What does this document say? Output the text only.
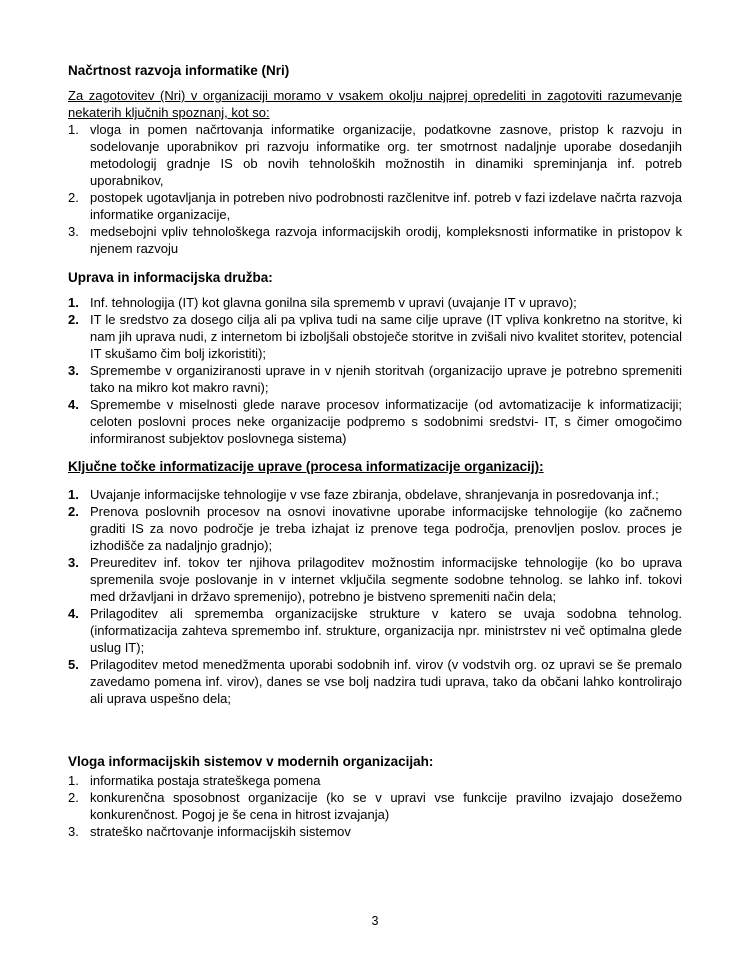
Načrtnost razvoja informatike (Nri)
Za zagotovitev (Nri) v organizaciji moramo v vsakem okolju najprej opredeliti in zagotoviti razumevanje nekaterih ključnih spoznanj, kot so:
1. vloga in pomen načrtovanja informatike organizacije, podatkovne zasnove, pristop k razvoju in sodelovanje uporabnikov pri razvoju informatike org. ter smotrnost nadaljnje uporabe dosedanjih metodologij gradnje IS ob novih tehnoloških možnostih in dinamiki spreminjanja inf. potreb uporabnikov,
2. postopek ugotavljanja in potreben nivo podrobnosti razčlenitve inf. potreb v fazi izdelave načrta razvoja informatike organizacije,
3. medsebojni vpliv tehnološkega razvoja informacijskih orodij, kompleksnosti informatike in pristopov k njenem razvoju
Uprava in informacijska družba:
1. Inf. tehnologija (IT) kot glavna gonilna sila sprememb v upravi (uvajanje IT v upravo);
2. IT le sredstvo za dosego cilja ali pa vpliva tudi na same cilje uprave (IT vpliva konkretno na storitve, ki nam jih uprava nudi, z internetom bi izboljšali obstoječe storitve in zvišali nivo kvalitet storitev, potencial IT skušamo čim bolj izkoristiti);
3. Spremembe v organiziranosti uprave in v njenih storitvah (organizacijo uprave je potrebno spremeniti tako na mikro kot makro ravni);
4. Spremembe v miselnosti glede narave procesov informatizacije (od avtomatizacije k informatizaciji; celoten poslovni proces neke organizacije podpremo s sodobnimi sredstvi- IT, s čimer omogočimo informiranost subjektov poslovnega sistema)
Ključne točke informatizacije uprave (procesa informatizacije organizacij):
1. Uvajanje informacijske tehnologije v vse faze zbiranja, obdelave, shranjevanja in posredovanja inf.;
2. Prenova poslovnih procesov na osnovi inovativne uporabe informacijske tehnologije (ko začnemo graditi IS za novo področje je treba izhajat iz prenove tega področja, prenovljen poslov. proces je izhodišče za nadaljnjo gradnjo);
3. Preureditev inf. tokov ter njihova prilagoditev možnostim informacijske tehnologije (ko bo uprava spremenila svoje poslovanje in v internet vključila segmente sodobne tehnolog. se lahko inf. tokovi med državljani in državo spremenijo), potrebno je bistveno spremeniti način dela;
4. Prilagoditev ali sprememba organizacijske strukture v katero se uvaja sodobna tehnolog. (informatizacija zahteva spremembo inf. strukture, organizacija npr. ministrstev ni več optimalna glede uslug IT);
5. Prilagoditev metod menedžmenta uporabi sodobnih inf. virov (v vodstvih org. oz upravi se še premalo zavedamo pomena inf. virov), danes se vse bolj nadzira tudi uprava, tako da občani lahko kontrolirajo ali uprava uspešno dela;
Vloga informacijskih sistemov v modernih organizacijah:
1. informatika postaja strateškega pomena
2. konkurenčna sposobnost organizacije (ko se v upravi vse funkcije pravilno izvajajo dosežemo konkurenčnost. Pogoj je še cena in hitrost izvajanja)
3. strateško načrtovanje informacijskih sistemov
3
